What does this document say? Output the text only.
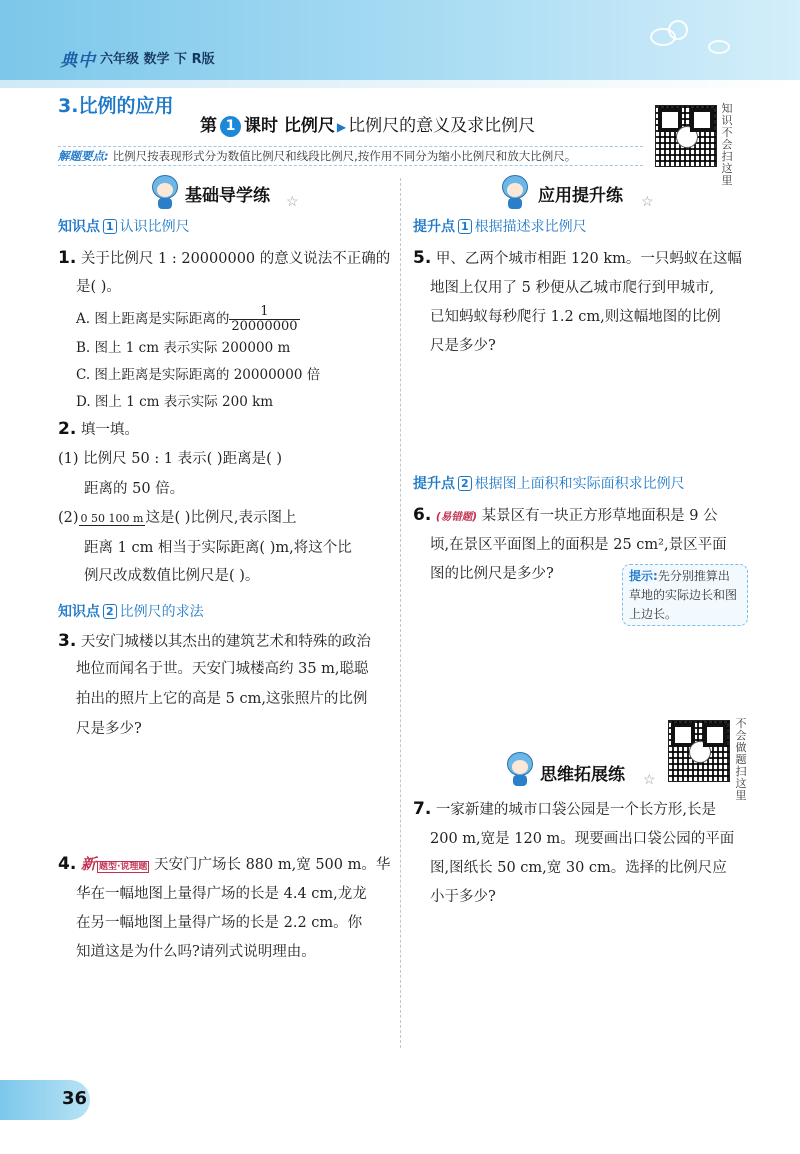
典中 六年级 数学 下 R版
3.比例的应用
第 1 课时 比例尺 ▶ 比例尺的意义及求比例尺
知
识
不
会
扫
这
里
解题要点: 比例尺按表现形式分为数值比例尺和线段比例尺,按作用不同分为缩小比例尺和放大比例尺。
基础导学练 ☆
知识点 1 认识比例尺
1. 关于比例尺 1 : 20000000 的意义说法不正确的
是( )。
A. 图上距离是实际距离的 $\frac{1}{20000000}$
B. 图上 1 cm 表示实际 200000 m
C. 图上距离是实际距离的 20000000 倍
D. 图上 1 cm 表示实际 200 km
2. 填一填。
(1) 比例尺 50 : 1 表示( )距离是( )
距离的 50 倍。
(2) 0 50 100 m 这是( )比例尺,表示图上
距离 1 cm 相当于实际距离( )m,将这个比
例尺改成数值比例尺是( )。
知识点 2 比例尺的求法
3. 天安门城楼以其杰出的建筑艺术和特殊的政治
地位而闻名于世。天安门城楼高约 35 m,聪聪
拍出的照片上它的高是 5 cm,这张照片的比例
尺是多少?
4. 新 题型·说理题 天安门广场长 880 m,宽 500 m。华
华在一幅地图上量得广场的长是 4.4 cm,龙龙
在另一幅地图上量得广场的长是 2.2 cm。你
知道这是为什么吗?请列式说明理由。
应用提升练 ☆
提升点 1 根据描述求比例尺
5. 甲、乙两个城市相距 120 km。一只蚂蚁在这幅
地图上仅用了 5 秒便从乙城市爬行到甲城市,
已知蚂蚁每秒爬行 1.2 cm,则这幅地图的比例
尺是多少?
提升点 2 根据图上面积和实际面积求比例尺
6. (易错题) 某景区有一块正方形草地面积是 9 公
顷,在景区平面图上的面积是 25 cm²,景区平面
图的比例尺是多少?	提示:先分别推算出草地的实际边长和图上边长。
不
会
做
题
扫
这
里
思维拓展练 ☆
7. 一家新建的城市口袋公园是一个长方形,长是
200 m,宽是 120 m。现要画出口袋公园的平面
图,图纸长 50 cm,宽 30 cm。选择的比例尺应
小于多少?
36
